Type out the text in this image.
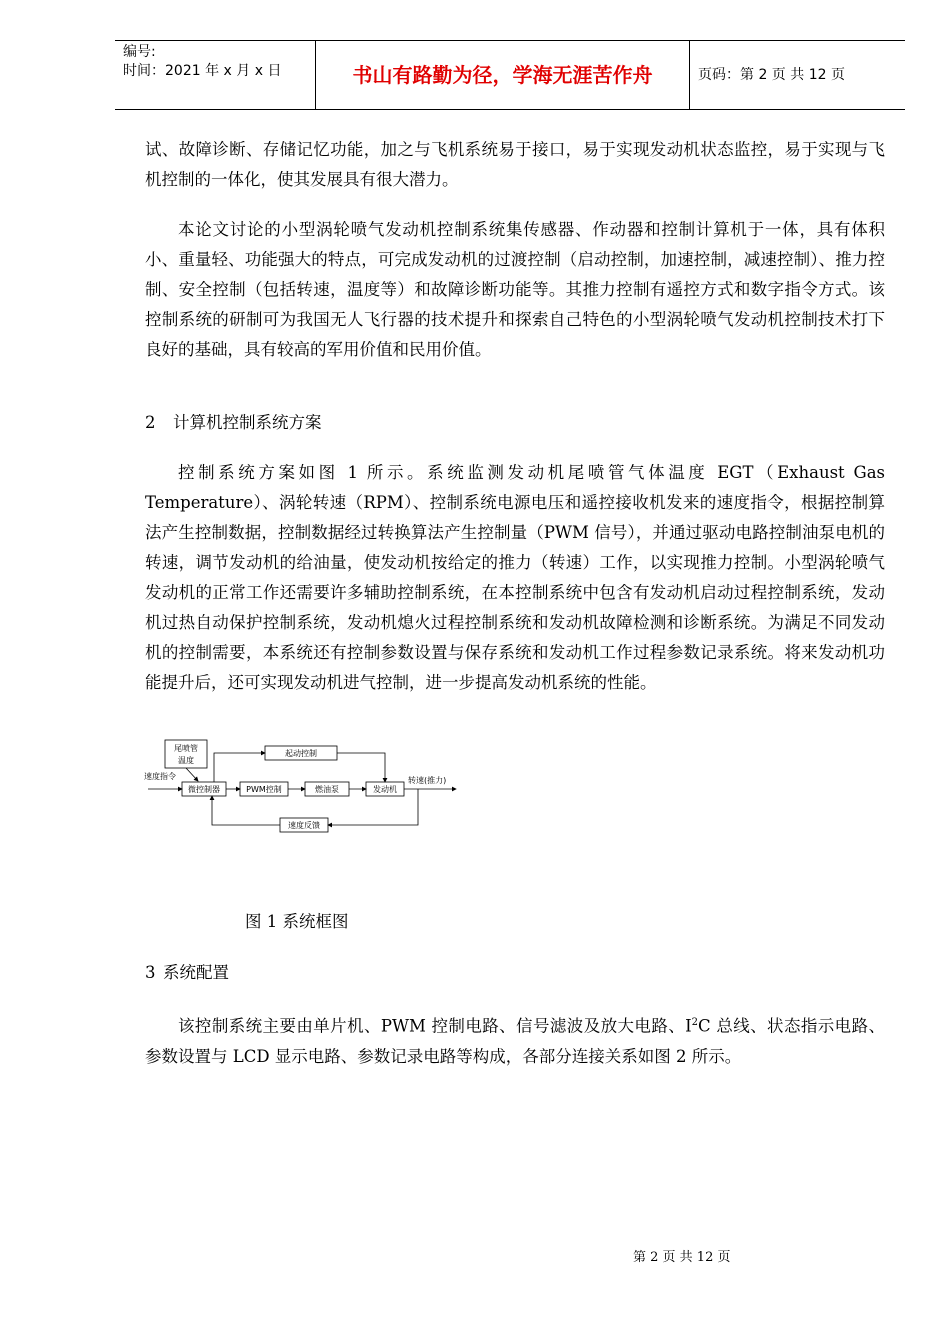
编号:
时间：2021 年 x 月 x 日	书山有路勤为径，学海无涯苦作舟	页码：第 2 页 共 12 页

试、故障诊断、存储记忆功能，加之与飞机系统易于接口，易于实现发动机状态监控，易于实现与飞机控制的一体化，使其发展具有很大潜力。

本论文讨论的小型涡轮喷气发动机控制系统集传感器、作动器和控制计算机于一体，具有体积小、重量轻、功能强大的特点，可完成发动机的过渡控制（启动控制，加速控制，减速控制）、推力控制、安全控制（包括转速，温度等）和故障诊断功能等。其推力控制有遥控方式和数字指令方式。该控制系统的研制可为我国无人飞行器的技术提升和探索自己特色的小型涡轮喷气发动机控制技术打下良好的基础，具有较高的军用价值和民用价值。

2 计算机控制系统方案

控制系统方案如图 1 所示。系统监测发动机尾喷管气体温度 EGT（Exhaust Gas Temperature）、涡轮转速（RPM）、控制系统电源电压和遥控接收机发来的速度指令，根据控制算法产生控制数据，控制数据经过转换算法产生控制量（PWM 信号），并通过驱动电路控制油泵电机的转速，调节发动机的给油量，使发动机按给定的推力（转速）工作，以实现推力控制。小型涡轮喷气发动机的正常工作还需要许多辅助控制系统，在本控制系统中包含有发动机启动过程控制系统，发动机过热自动保护控制系统，发动机熄火过程控制系统和发动机故障检测和诊断系统。为满足不同发动机的控制需要，本系统还有控制参数设置与保存系统和发动机工作过程参数记录系统。将来发动机功能提升后，还可实现发动机进气控制，进一步提高发动机系统的性能。

尾喷管
温度
速度指令
微控制器	PWM控制	燃油泵	发动机
转速(推力)
起动控制
速度反馈
图 1 系统框图
3 系统配置

该控制系统主要由单片机、PWM 控制电路、信号滤波及放大电路、$I^2C$ 总线、状态指示电路、参数设置与 LCD 显示电路、参数记录电路等构成，各部分连接关系如图 2 所示。

第 2 页 共 12 页
